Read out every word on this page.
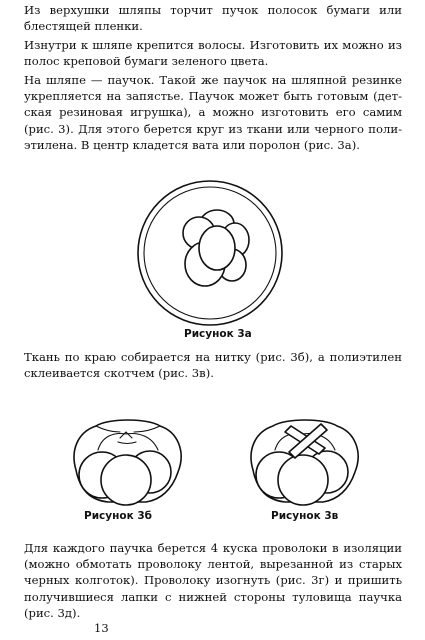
Из верхушки шляпы торчит пучок полосок бумаги или блестящей пленки.

Изнутри к шляпе крепится волосы. Изготовить их можно из полос креповой бумаги зеленого цвета.

На шляпе — паучок. Такой же паучок на шляпной резинке укрепляется на запястье. Паучок может быть готовым (детская резиновая игрушка), а можно изготовить его самим (рис. 3). Для этого берется круг из ткани или черного полиэтилена. В центр кладется вата или поролон (рис. 3а).

Рисунок 3а

Ткань по краю собирается на нитку (рис. 3б), а полиэтилен склеивается скотчем (рис. 3в).

Рисунок 3б	Рисунок 3в

Для каждого паучка берется 4 куска проволоки в изоляции (можно обмотать проволоку лентой, вырезанной из старых черных колготок). Проволоку изогнуть (рис. 3г) и пришить получившиеся лапки с нижней стороны туловища паучка (рис. 3д).

13
